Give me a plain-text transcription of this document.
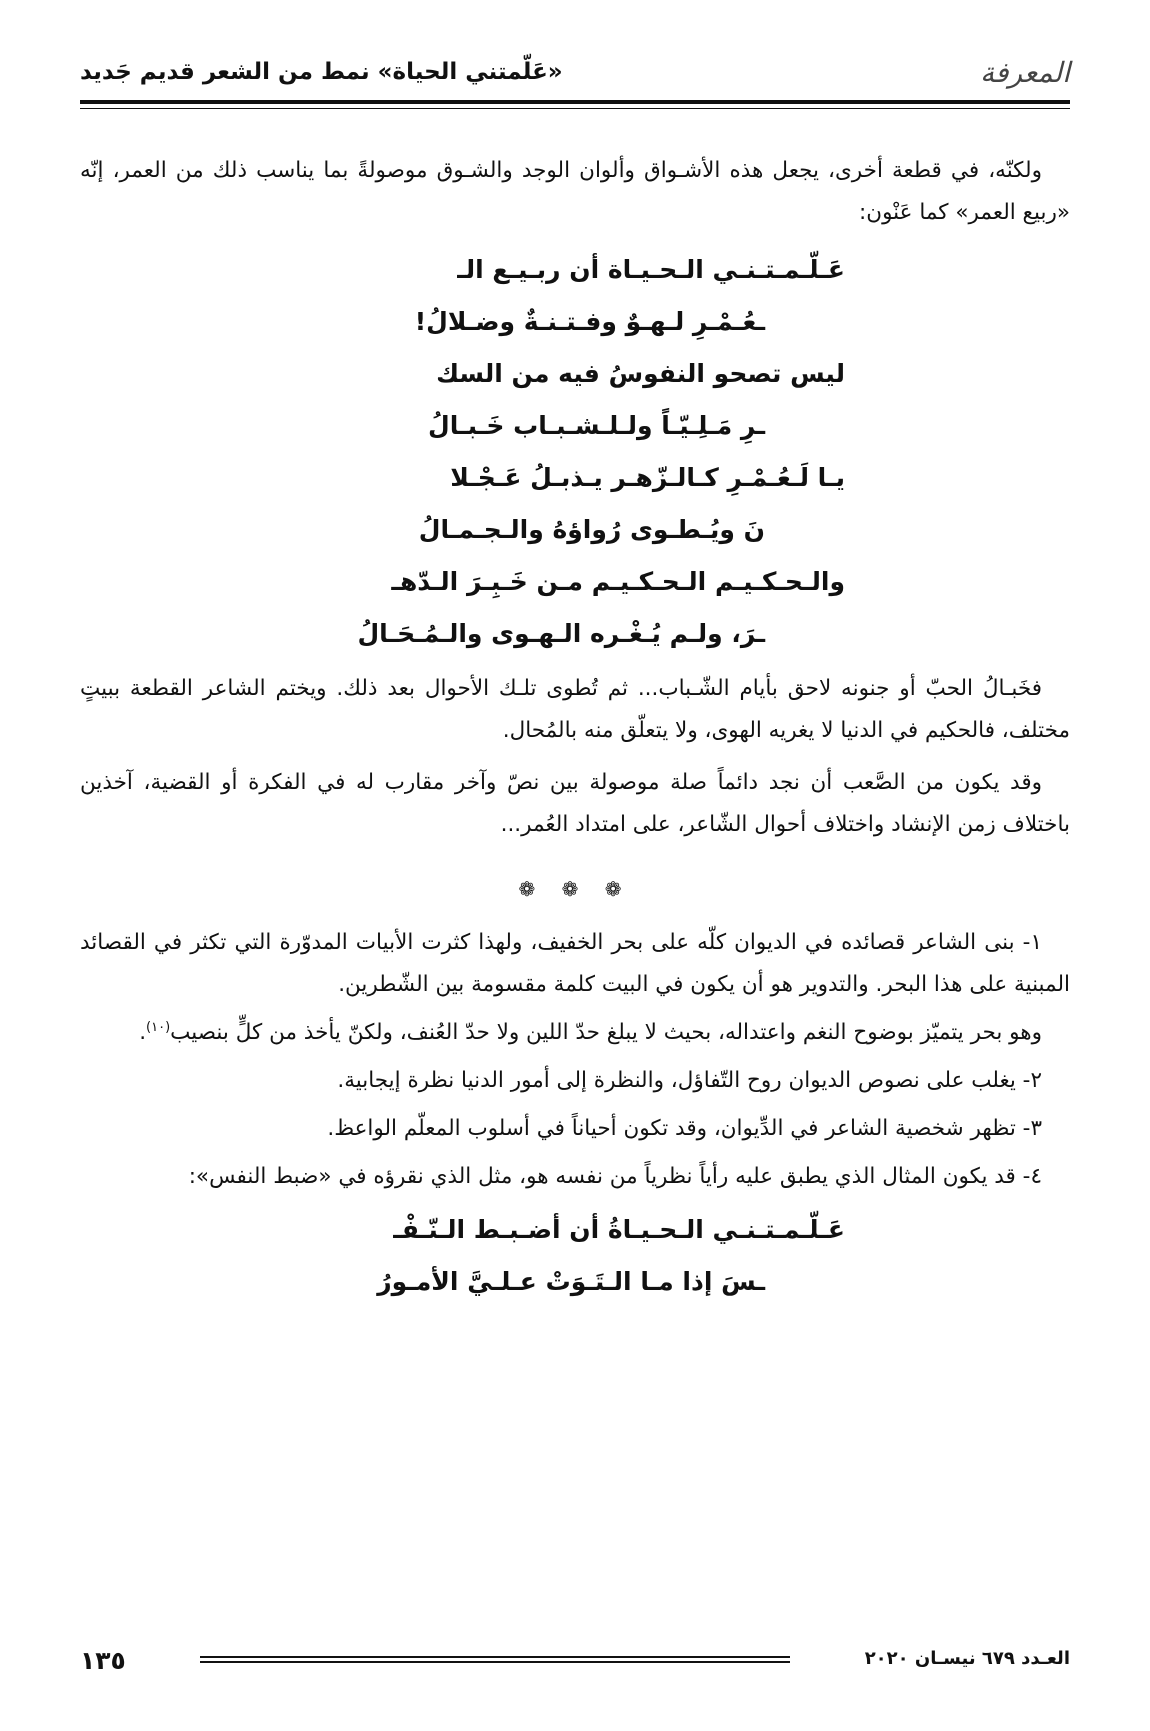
«عَلّمتني الحياة» نمط من الشعر قديم جَديد	المعرفة

ولكنّه، في قطعة أخرى، يجعل هذه الأشـواق وألوان الوجد والشـوق موصولةً بما يناسب ذلك من العمر، إنّه «ربيع العمر» كما عَنْون:

عَـلّـمـتـنـي الـحـيـاة أن ربـيـع الـ
ـعُـمْـرِ لـهـوٌ وفـتـنـةٌ وضـلالُ!
ليس تصحو النفوسُ فيه من السك
ـرِ مَـلِـيّـاً ولـلـشـبـاب خَـبـالُ
يـا لَـعُـمْـرِ كـالـزّهـر يـذبـلُ عَـجْـلا
نَ ويُـطـوى رُواؤهُ والـجـمـالُ
والـحـكـيـم الـحـكـيـم مـن خَـبِـرَ الـدّهـ
ـرَ، ولـم يُـغْـره الـهـوى والـمُـحَـالُ

فخَبـالُ الحبّ أو جنونه لاحق بأيام الشّـباب... ثم تُطوى تلـك الأحوال بعد ذلك. ويختم الشاعر القطعة ببيتٍ مختلف، فالحكيم في الدنيا لا يغريه الهوى، ولا يتعلّق منه بالمُحال.

وقد يكون من الصَّعب أن نجد دائماً صلة موصولة بين نصّ وآخر مقارب له في الفكرة أو القضية، آخذين باختلاف زمن الإنشاد واختلاف أحوال الشّاعر، على امتداد العُمر...

❁ ❁ ❁

١- بنى الشاعر قصائده في الديوان كلّه على بحر الخفيف، ولهذا كثرت الأبيات المدوّرة التي تكثر في القصائد المبنية على هذا البحر. والتدوير هو أن يكون في البيت كلمة مقسومة بين الشّطرين.

وهو بحر يتميّز بوضوح النغم واعتداله، بحيث لا يبلغ حدّ اللين ولا حدّ العُنف، ولكنّ يأخذ من كلٍّ بنصيب$^{(١٠)}$.

٢- يغلب على نصوص الديوان روح التّفاؤل، والنظرة إلى أمور الدنيا نظرة إيجابية.

٣- تظهر شخصية الشاعر في الدِّيوان، وقد تكون أحياناً في أسلوب المعلّم الواعظ.

٤- قد يكون المثال الذي يطبق عليه رأياً نظرياً من نفسه هو، مثل الذي نقرؤه في «ضبط النفس»:

عَـلّـمـتـنـي الـحـيـاةُ أن أضـبـط الـنّـفْـ
ـسَ إذا مـا الـتَـوَتْ عـلـيَّ الأمـورُ
١٣٥	العـدد ٦٧٩ نيسـان ٢٠٢٠
